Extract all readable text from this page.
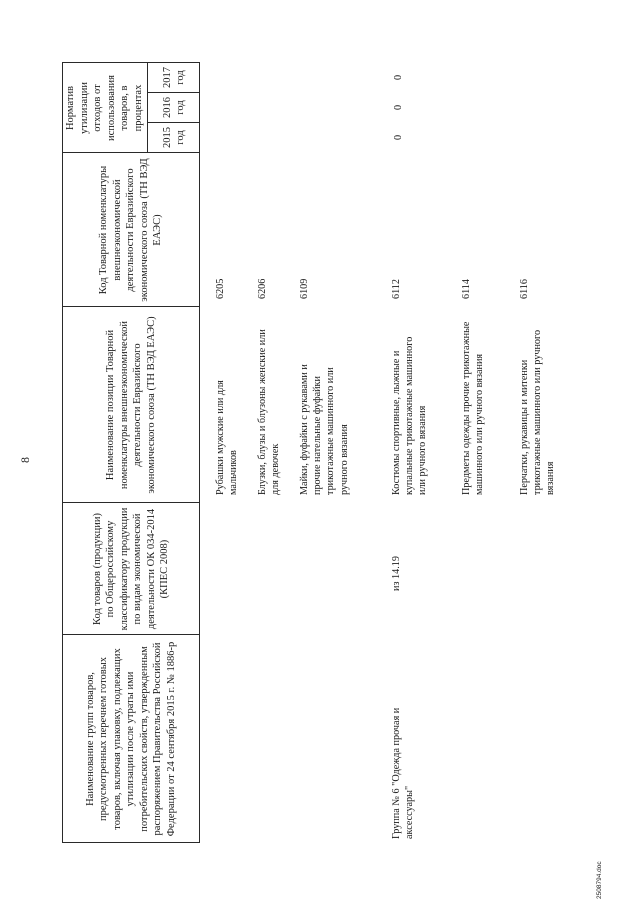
8
Наименование групп товаров, предусмотренных перечнем готовых товаров, включая упаковку, подлежащих утилизации после утраты ими потребительских свойств, утвержденным распоряжением Правительства Российской Федерации от 24 сентября 2015 г. № 1886-р
Код товаров (продукции) по Общероссийскому классификатору продукции по видам экономической деятельности ОК 034-2014 (КПЕС 2008)
Наименование позиции Товарной номенклатуры внешнеэкономической деятельности Евразийского экономического союза (ТН ВЭД ЕАЭС)
Код Товарной номенклатуры внешнеэкономической деятельности Евразийского экономического союза (ТН ВЭД ЕАЭС)
Норматив утилизации отходов от использования товаров, в процентах
2015 год
2016 год
2017 год
Рубашки мужские или для мальчиков
6205
Блузки, блузы и блузоны женские или для девочек
6206
Майки, фуфайки с рукавами и прочие нательные фуфайки трикотажные машинного или ручного вязания
6109
Группа № 6 "Одежда прочая и аксессуары"
из 14.19
Костюмы спортивные, лыжные и купальные трикотажные машинного или ручного вязания
6112
0
0
0
Предметы одежды прочие трикотажные машинного или ручного вязания
6114
Перчатки, рукавицы и митенки трикотажные машинного или ручного вязания
6116
2508794.doc
